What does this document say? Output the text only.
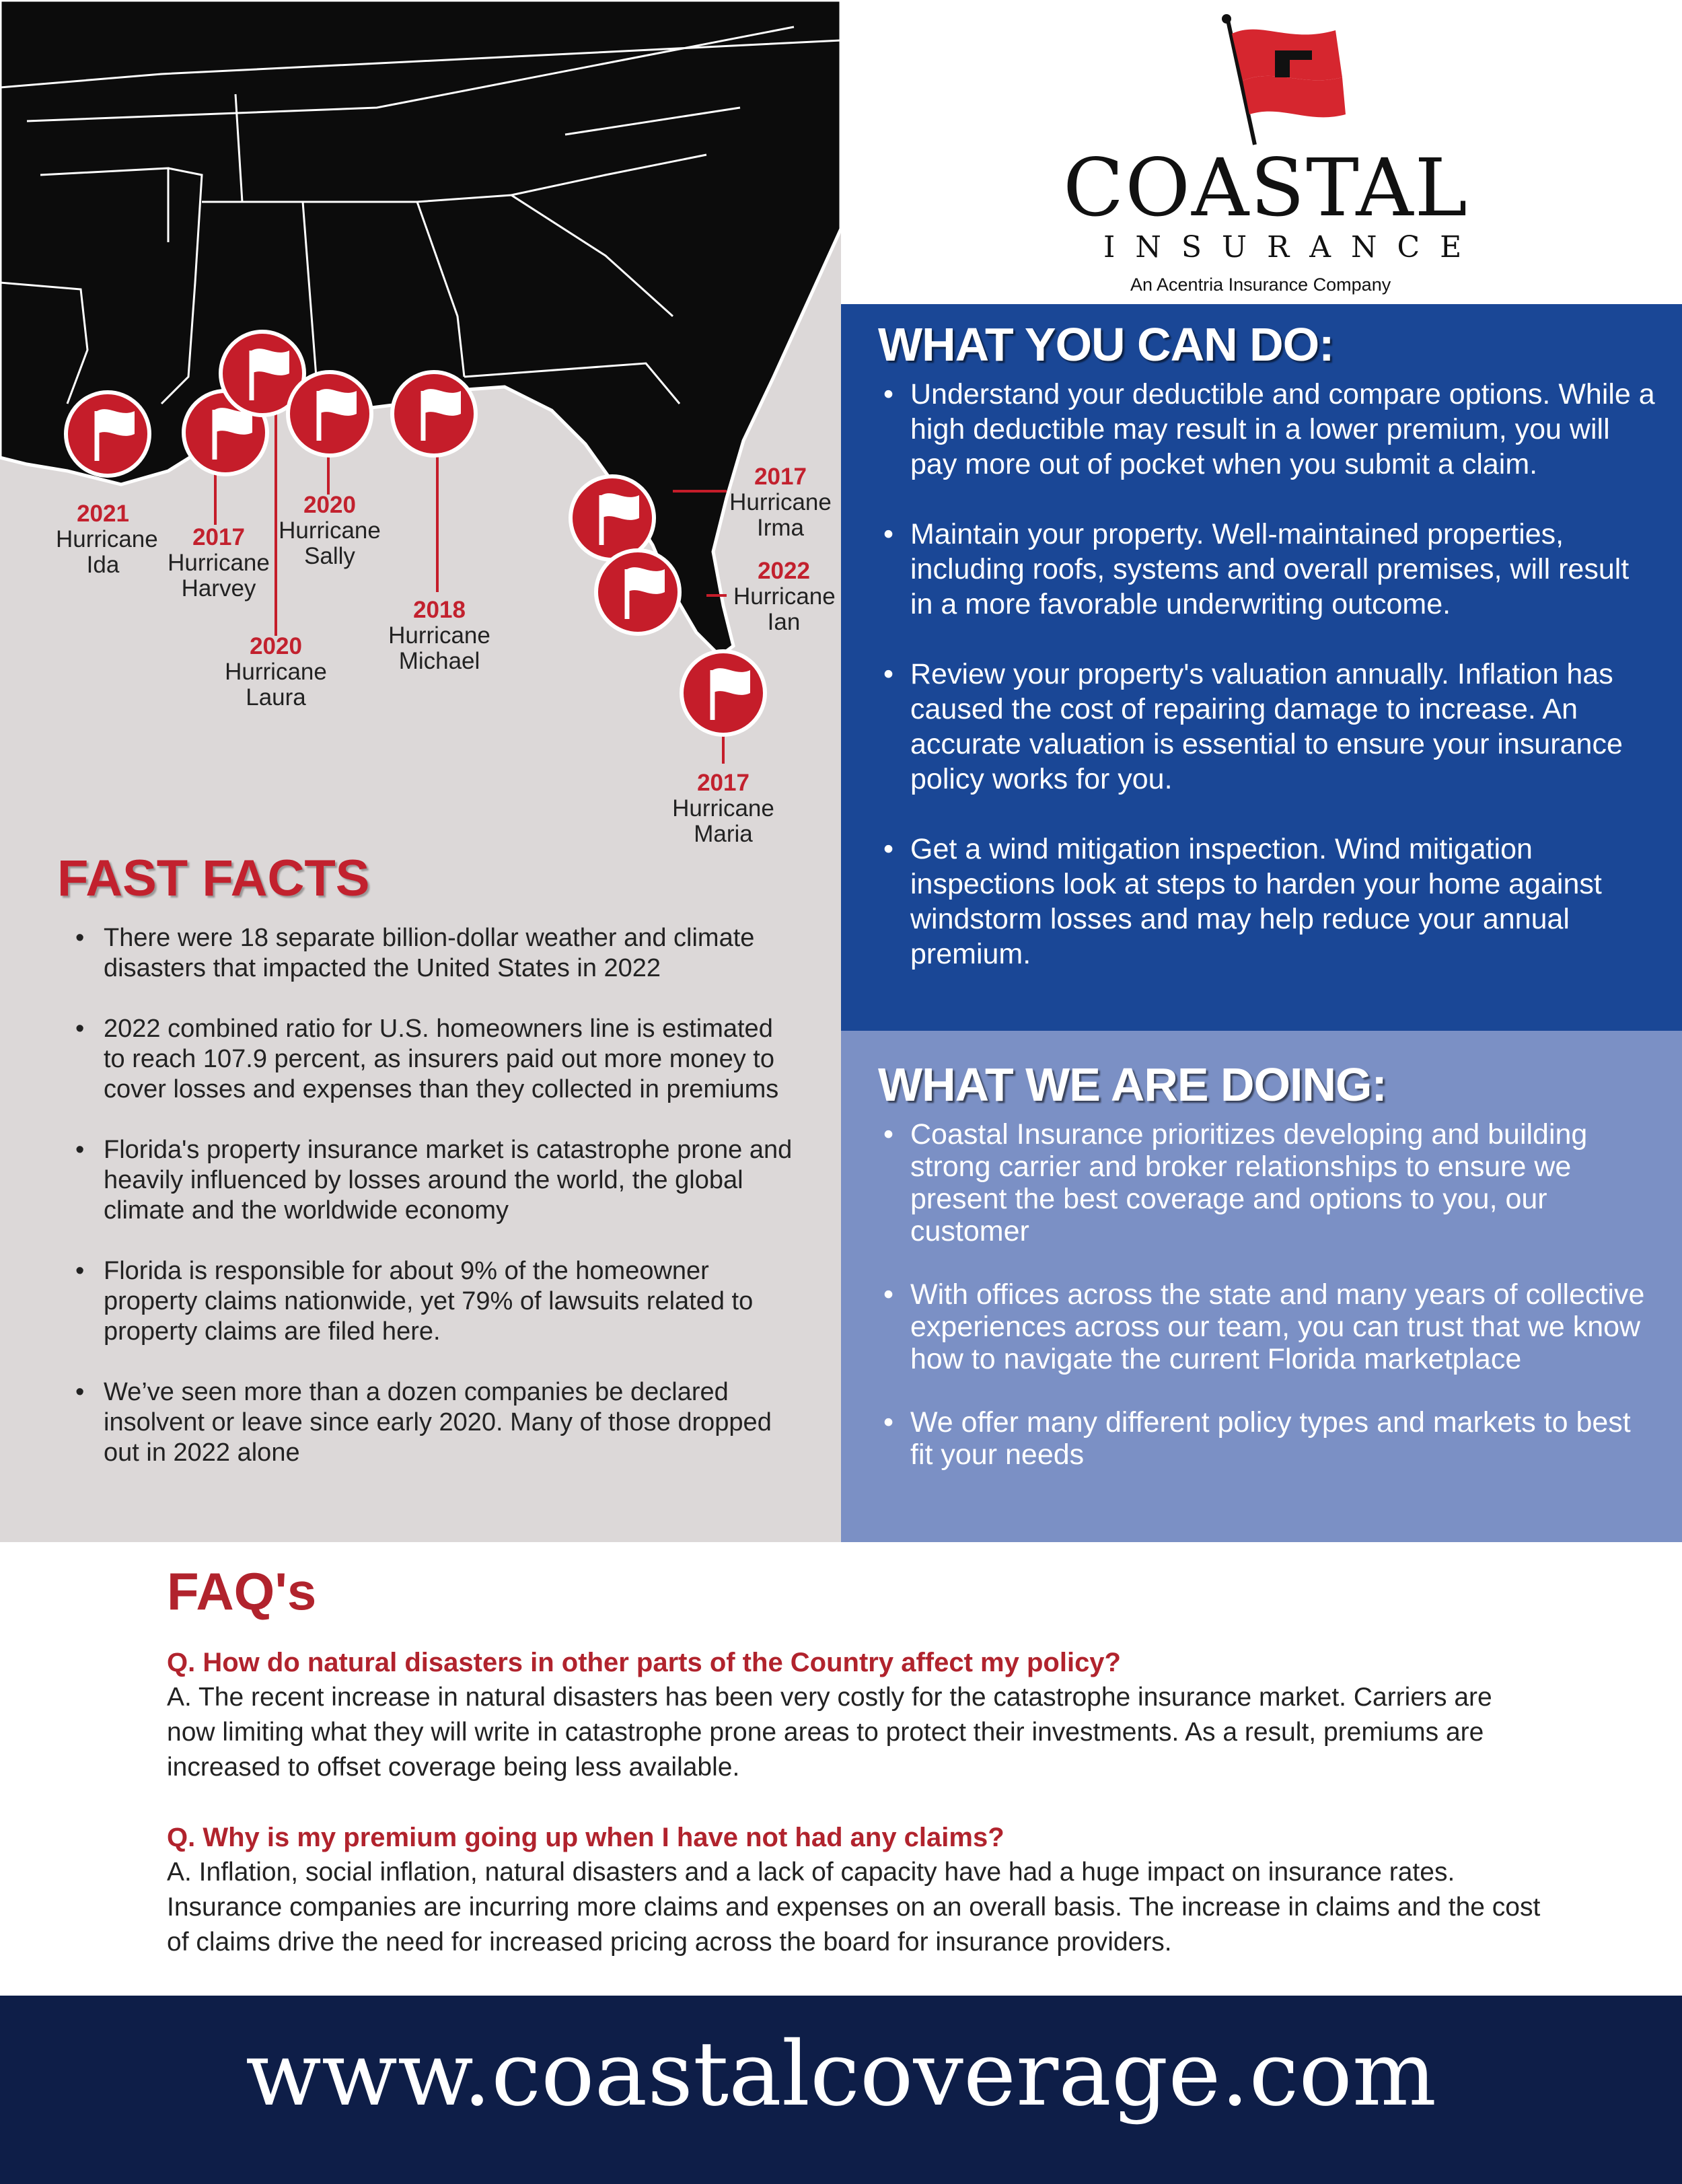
2021
Hurricane Ida
2017
Hurricane Harvey
2020
Hurricane Laura
2020
Hurricane Sally
2018
Hurricane Michael
2017
Hurricane Irma
2022
Hurricane Ian
2017
Hurricane Maria
COASTAL
INSURANCE
An Acentria Insurance Company
WHAT YOU CAN DO:
• Understand your deductible and compare options. While a high deductible may result in a lower premium, you will pay more out of pocket when you submit a claim.
• Maintain your property. Well-maintained properties, including roofs, systems and overall premises, will result in a more favorable underwriting outcome.
• Review your property's valuation annually. Inflation has caused the cost of repairing damage to increase. An accurate valuation is essential to ensure your insurance policy works for you.
• Get a wind mitigation inspection. Wind mitigation inspections look at steps to harden your home against windstorm losses and may help reduce your annual premium.
WHAT WE ARE DOING:
• Coastal Insurance prioritizes developing and building strong carrier and broker relationships to ensure we present the best coverage and options to you, our customer
• With offices across the state and many years of collective experiences across our team, you can trust that we know how to navigate the current Florida marketplace
• We offer many different policy types and markets to best fit your needs
FAST FACTS
• There were 18 separate billion-dollar weather and climate disasters that impacted the United States in 2022
• 2022 combined ratio for U.S. homeowners line is estimated to reach 107.9 percent, as insurers paid out more money to cover losses and expenses than they collected in premiums
• Florida's property insurance market is catastrophe prone and heavily influenced by losses around the world, the global climate and the worldwide economy
• Florida is responsible for about 9% of the homeowner property claims nationwide, yet 79% of lawsuits related to property claims are filed here.
• We’ve seen more than a dozen companies be declared insolvent or leave since early 2020. Many of those dropped out in 2022 alone
FAQ's
Q. How do natural disasters in other parts of the Country affect my policy?
A. The recent increase in natural disasters has been very costly for the catastrophe insurance market. Carriers are now limiting what they will write in catastrophe prone areas to protect their investments. As a result, premiums are increased to offset coverage being less available.
Q. Why is my premium going up when I have not had any claims?
A. Inflation, social inflation, natural disasters and a lack of capacity have had a huge impact on insurance rates. Insurance companies are incurring more claims and expenses on an overall basis. The increase in claims and the cost of claims drive the need for increased pricing across the board for insurance providers.
www.coastalcoverage.com
